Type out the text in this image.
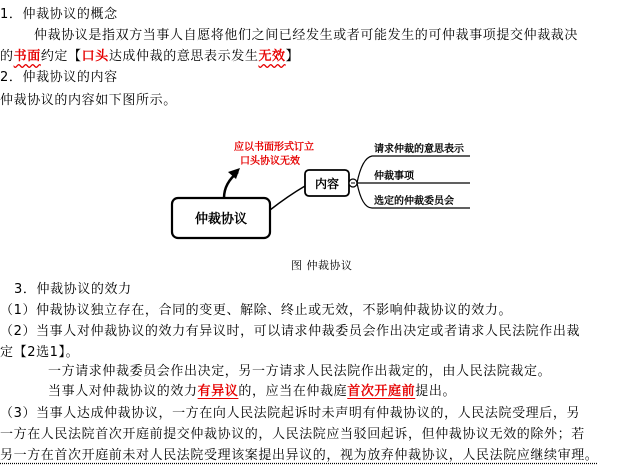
1．仲裁协议的概念
仲裁协议是指双方当事人自愿将他们之间已经发生或者可能发生的可仲裁事项提交仲裁裁决
的书面约定【口头达成仲裁的意思表示发生无效】
2．仲裁协议的内容
仲裁协议的内容如下图所示。
应以书面形式订立
口头协议无效
仲裁协议
内容
请求仲裁的意思表示
仲裁事项
选定的仲裁委员会
图 仲裁协议
3．仲裁协议的效力
（1）仲裁协议独立存在，合同的变更、解除、终止或无效，不影响仲裁协议的效力。
（2）当事人对仲裁协议的效力有异议时，可以请求仲裁委员会作出决定或者请求人民法院作出裁
定【2选1】。
一方请求仲裁委员会作出决定，另一方请求人民法院作出裁定的，由人民法院裁定。
当事人对仲裁协议的效力有异议的，应当在仲裁庭首次开庭前提出。
（3）当事人达成仲裁协议，一方在向人民法院起诉时未声明有仲裁协议的，人民法院受理后，另
一方在人民法院首次开庭前提交仲裁协议的，人民法院应当驳回起诉，但仲裁协议无效的除外；若
另一方在首次开庭前未对人民法院受理该案提出异议的，视为放弃仲裁协议，人民法院应继续审理。
